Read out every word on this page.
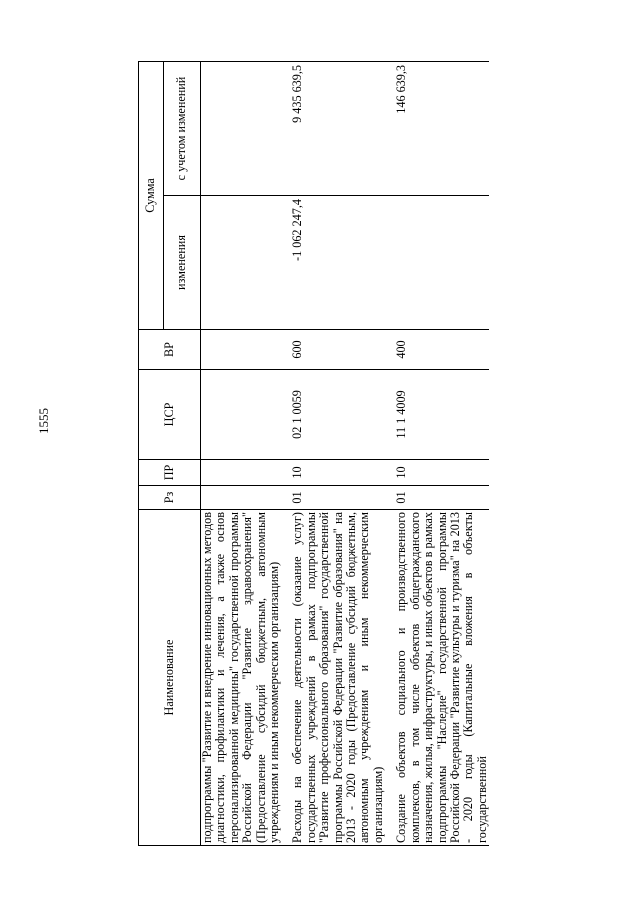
1555
Наименование	Рз	ПР	ЦСР	ВР	Сумма	
					изменения	с учетом изменений
подпрограммы "Развитие и внедрение инновационных методов диагностики, профилактики и лечения, а также основ персонализированной медицины" государственной программы Российской Федерации "Развитие здравоохранения" (Предоставление субсидий бюджетным, автономным учреждениям и иным некоммерческим организациям)						

Расходы на обеспечение деятельности (оказание услуг) государственных учреждений в рамках подпрограммы "Развитие профессионального образования" государственной программы Российской Федерации "Развитие образования" на 2013 - 2020 годы (Предоставление субсидий бюджетным, автономным учреждениям и иным некоммерческим организациям)	01	10	02 1 0059	600	-1 062 247,4	9 435 639,5

Создание объектов социального и производственного комплексов, в том числе объектов общегражданского назначения, жилья, инфраструктуры, и иных объектов в рамках подпрограммы "Наследие" государственной программы Российской Федерации "Развитие культуры и туризма" на 2013 - 2020 годы (Капитальные вложения в объекты государственной	01	10	11 1 4009	400		146 639,3
